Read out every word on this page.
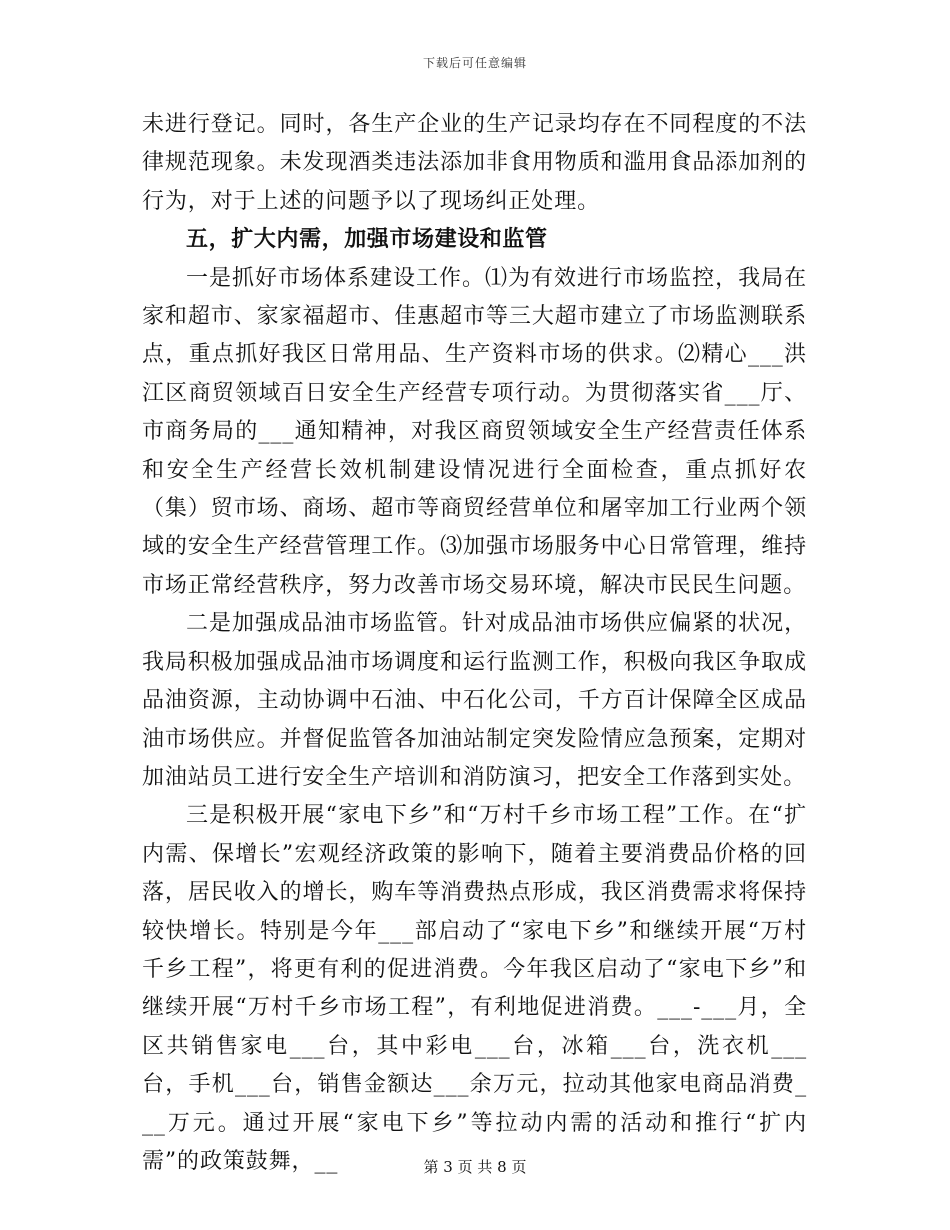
下载后可任意编辑

未进行登记。同时，各生产企业的生产记录均存在不同程度的不法律规范现象。未发现酒类违法添加非食用物质和滥用食品添加剂的行为，对于上述的问题予以了现场纠正处理。

五，扩大内需，加强市场建设和监管

一是抓好市场体系建设工作。⑴为有效进行市场监控，我局在家和超市、家家福超市、佳惠超市等三大超市建立了市场监测联系点，重点抓好我区日常用品、生产资料市场的供求。⑵精心___洪江区商贸领域百日安全生产经营专项行动。为贯彻落实省___厅、市商务局的___通知精神，对我区商贸领域安全生产经营责任体系和安全生产经营长效机制建设情况进行全面检查，重点抓好农（集）贸市场、商场、超市等商贸经营单位和屠宰加工行业两个领域的安全生产经营管理工作。⑶加强市场服务中心日常管理，维持市场正常经营秩序，努力改善市场交易环境，解决市民民生问题。

二是加强成品油市场监管。针对成品油市场供应偏紧的状况，我局积极加强成品油市场调度和运行监测工作，积极向我区争取成品油资源，主动协调中石油、中石化公司，千方百计保障全区成品油市场供应。并督促监管各加油站制定突发险情应急预案，定期对加油站员工进行安全生产培训和消防演习，把安全工作落到实处。

三是积极开展“家电下乡”和“万村千乡市场工程”工作。在“扩内需、保增长”宏观经济政策的影响下，随着主要消费品价格的回落，居民收入的增长，购车等消费热点形成，我区消费需求将保持较快增长。特别是今年___部启动了“家电下乡”和继续开展“万村千乡工程”，将更有利的促进消费。今年我区启动了“家电下乡”和继续开展“万村千乡市场工程”，有利地促进消费。___-___月，全区共销售家电___台，其中彩电___台，冰箱___台，洗衣机___台，手机___台，销售金额达___余万元，拉动其他家电商品消费___万元。通过开展“家电下乡”等拉动内需的活动和推行“扩内需”的政策鼓舞，__	第 3 页 共 8 页
